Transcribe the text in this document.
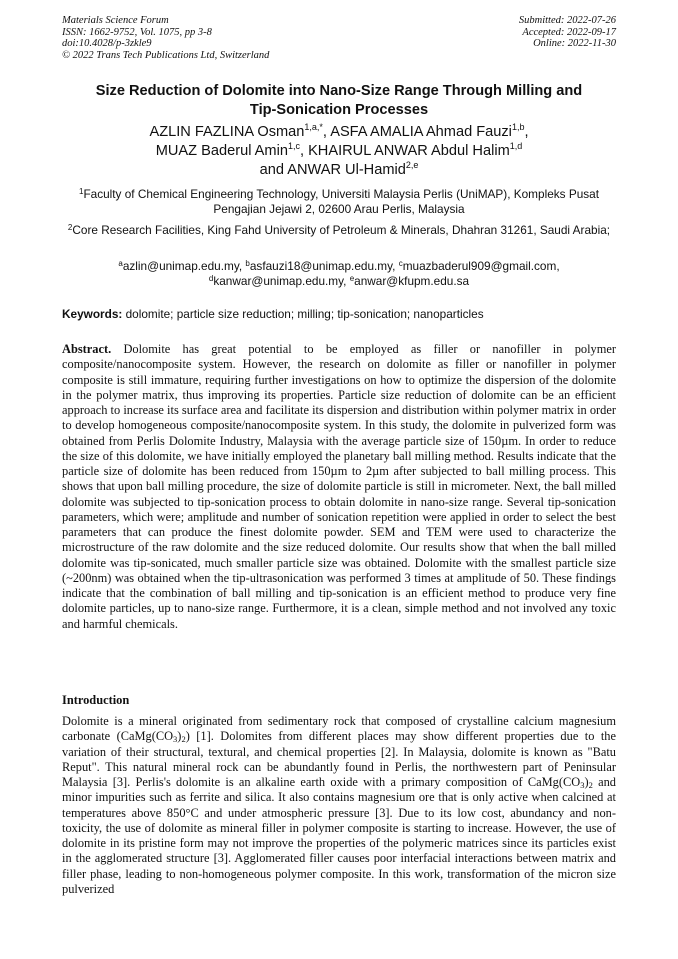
Materials Science Forum
ISSN: 1662-9752, Vol. 1075, pp 3-8
doi:10.4028/p-3zkle9
© 2022 Trans Tech Publications Ltd, Switzerland
Submitted: 2022-07-26
Accepted: 2022-09-17
Online: 2022-11-30
Size Reduction of Dolomite into Nano-Size Range Through Milling and
Tip-Sonication Processes
AZLIN FAZLINA Osman$^{1,a,*}$, ASFA AMALIA Ahmad Fauzi$^{1,b}$,
MUAZ Baderul Amin$^{1,c}$, KHAIRUL ANWAR Abdul Halim$^{1,d}$
and ANWAR Ul-Hamid$^{2,e}$
$^1$Faculty of Chemical Engineering Technology, Universiti Malaysia Perlis (UniMAP), Kompleks Pusat Pengajian Jejawi 2, 02600 Arau Perlis, Malaysia
$^2$Core Research Facilities, King Fahd University of Petroleum & Minerals, Dhahran 31261, Saudi Arabia;
$^a$azlin@unimap.edu.my, $^b$asfauzi18@unimap.edu.my, $^c$muazbaderul909@gmail.com,
$^d$kanwar@unimap.edu.my, $^e$anwar@kfupm.edu.sa
Keywords: dolomite; particle size reduction; milling; tip-sonication; nanoparticles

Abstract. Dolomite has great potential to be employed as filler or nanofiller in polymer composite/nanocomposite system. However, the research on dolomite as filler or nanofiller in polymer composite is still immature, requiring further investigations on how to optimize the dispersion of the dolomite in the polymer matrix, thus improving its properties. Particle size reduction of dolomite can be an efficient approach to increase its surface area and facilitate its dispersion and distribution within polymer matrix in order to develop homogeneous composite/nanocomposite system. In this study, the dolomite in pulverized form was obtained from Perlis Dolomite Industry, Malaysia with the average particle size of 150µm. In order to reduce the size of this dolomite, we have initially employed the planetary ball milling method. Results indicate that the particle size of dolomite has been reduced from 150µm to 2µm after subjected to ball milling process. This shows that upon ball milling procedure, the size of dolomite particle is still in micrometer. Next, the ball milled dolomite was subjected to tip-sonication process to obtain dolomite in nano-size range. Several tip-sonication parameters, which were; amplitude and number of sonication repetition were applied in order to select the best parameters that can produce the finest dolomite powder. SEM and TEM were used to characterize the microstructure of the raw dolomite and the size reduced dolomite. Our results show that when the ball milled dolomite was tip-sonicated, much smaller particle size was obtained. Dolomite with the smallest particle size (~200nm) was obtained when the tip-ultrasonication was performed 3 times at amplitude of 50. These findings indicate that the combination of ball milling and tip-sonication is an efficient method to produce very fine dolomite particles, up to nano-size range. Furthermore, it is a clean, simple method and not involved any toxic and harmful chemicals.

Introduction

Dolomite is a mineral originated from sedimentary rock that composed of crystalline calcium magnesium carbonate $(CaMg(CO_3)_2)$ [1]. Dolomites from different places may show different properties due to the variation of their structural, textural, and chemical properties [2]. In Malaysia, dolomite is known as "Batu Reput". This natural mineral rock can be abundantly found in Perlis, the northwestern part of Peninsular Malaysia [3]. Perlis's dolomite is an alkaline earth oxide with a primary composition of $CaMg(CO_3)_2$ and minor impurities such as ferrite and silica. It also contains magnesium ore that is only active when calcined at temperatures above 850°C and under atmospheric pressure [3]. Due to its low cost, abundancy and non-toxicity, the use of dolomite as mineral filler in polymer composite is starting to increase. However, the use of dolomite in its pristine form may not improve the properties of the polymeric matrices since its particles exist in the agglomerated structure [3]. Agglomerated filler causes poor interfacial interactions between matrix and filler phase, leading to non-homogeneous polymer composite. In this work, transformation of the micron size pulverized
